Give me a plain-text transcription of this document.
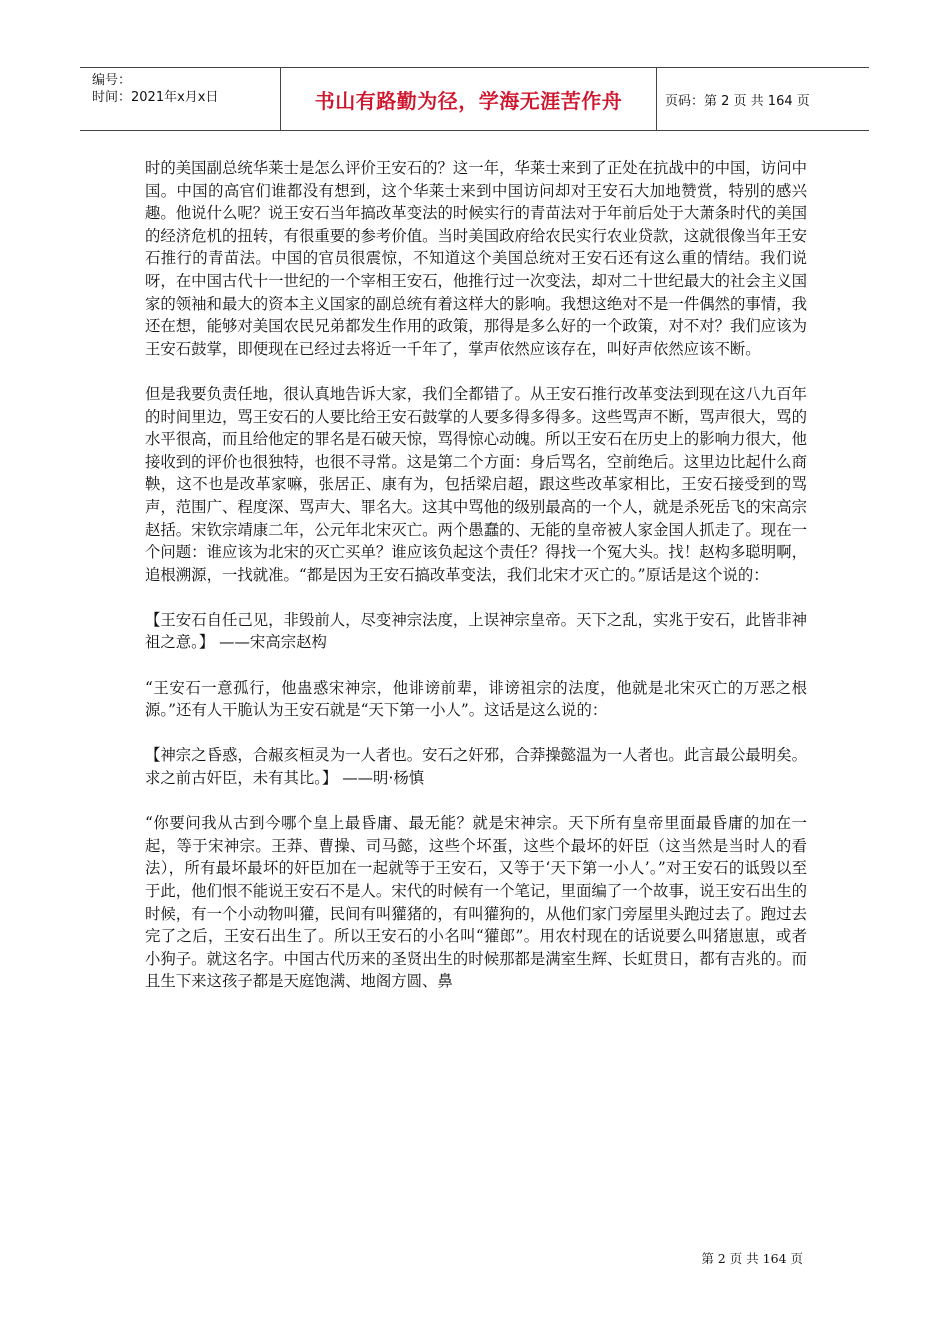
编号：
时间：2021年x月x日	书山有路勤为径，学海无涯苦作舟	页码：第 2 页 共 164 页

时的美国副总统华莱士是怎么评价王安石的？这一年，华莱士来到了正处在抗战中的中国，访问中国。中国的高官们谁都没有想到，这个华莱士来到中国访问却对王安石大加地赞赏，特别的感兴趣。他说什么呢？说王安石当年搞改革变法的时候实行的青苗法对于年前后处于大萧条时代的美国的经济危机的扭转，有很重要的参考价值。当时美国政府给农民实行农业贷款，这就很像当年王安石推行的青苗法。中国的官员很震惊，不知道这个美国总统对王安石还有这么重的情结。我们说呀，在中国古代十一世纪的一个宰相王安石，他推行过一次变法，却对二十世纪最大的社会主义国家的领袖和最大的资本主义国家的副总统有着这样大的影响。我想这绝对不是一件偶然的事情，我还在想，能够对美国农民兄弟都发生作用的政策，那得是多么好的一个政策，对不对？我们应该为王安石鼓掌，即便现在已经过去将近一千年了，掌声依然应该存在，叫好声依然应该不断。

但是我要负责任地，很认真地告诉大家，我们全都错了。从王安石推行改革变法到现在这八九百年的时间里边，骂王安石的人要比给王安石鼓掌的人要多得多得多。这些骂声不断，骂声很大，骂的水平很高，而且给他定的罪名是石破天惊，骂得惊心动魄。所以王安石在历史上的影响力很大，他接收到的评价也很独特，也很不寻常。这是第二个方面：身后骂名，空前绝后。这里边比起什么商鞅，这不也是改革家嘛，张居正、康有为，包括梁启超，跟这些改革家相比，王安石接受到的骂声，范围广、程度深、骂声大、罪名大。这其中骂他的级别最高的一个人，就是杀死岳飞的宋高宗赵括。宋钦宗靖康二年，公元年北宋灭亡。两个愚蠢的、无能的皇帝被人家金国人抓走了。现在一个问题：谁应该为北宋的灭亡买单？谁应该负起这个责任？得找一个冤大头。找！赵构多聪明啊，追根溯源，一找就准。“都是因为王安石搞改革变法，我们北宋才灭亡的。”原话是这个说的：

【王安石自任己见，非毁前人，尽变神宗法度，上误神宗皇帝。天下之乱，实兆于安石，此皆非神祖之意。】 ——宋高宗赵构

“王安石一意孤行，他蛊惑宋神宗，他诽谤前辈，诽谤祖宗的法度，他就是北宋灭亡的万恶之根源。”还有人干脆认为王安石就是“天下第一小人”。这话是这么说的：

【神宗之昏惑，合赧亥桓灵为一人者也。安石之奸邪，合莽操懿温为一人者也。此言最公最明矣。求之前古奸臣，未有其比。】 ——明·杨慎

“你要问我从古到今哪个皇上最昏庸、最无能？就是宋神宗。天下所有皇帝里面最昏庸的加在一起，等于宋神宗。王莽、曹操、司马懿，这些个坏蛋，这些个最坏的奸臣（这当然是当时人的看法），所有最坏最坏的奸臣加在一起就等于王安石，又等于‘天下第一小人’。”对王安石的诋毁以至于此，他们恨不能说王安石不是人。宋代的时候有一个笔记，里面编了一个故事，说王安石出生的时候，有一个小动物叫獾，民间有叫獾猪的，有叫獾狗的，从他们家门旁屋里头跑过去了。跑过去完了之后，王安石出生了。所以王安石的小名叫“獾郎”。用农村现在的话说要么叫猪崽崽，或者小狗子。就这名字。中国古代历来的圣贤出生的时候那都是满室生辉、长虹贯日，都有吉兆的。而且生下来这孩子都是天庭饱满、地阁方圆、鼻

第 2 页 共 164 页
